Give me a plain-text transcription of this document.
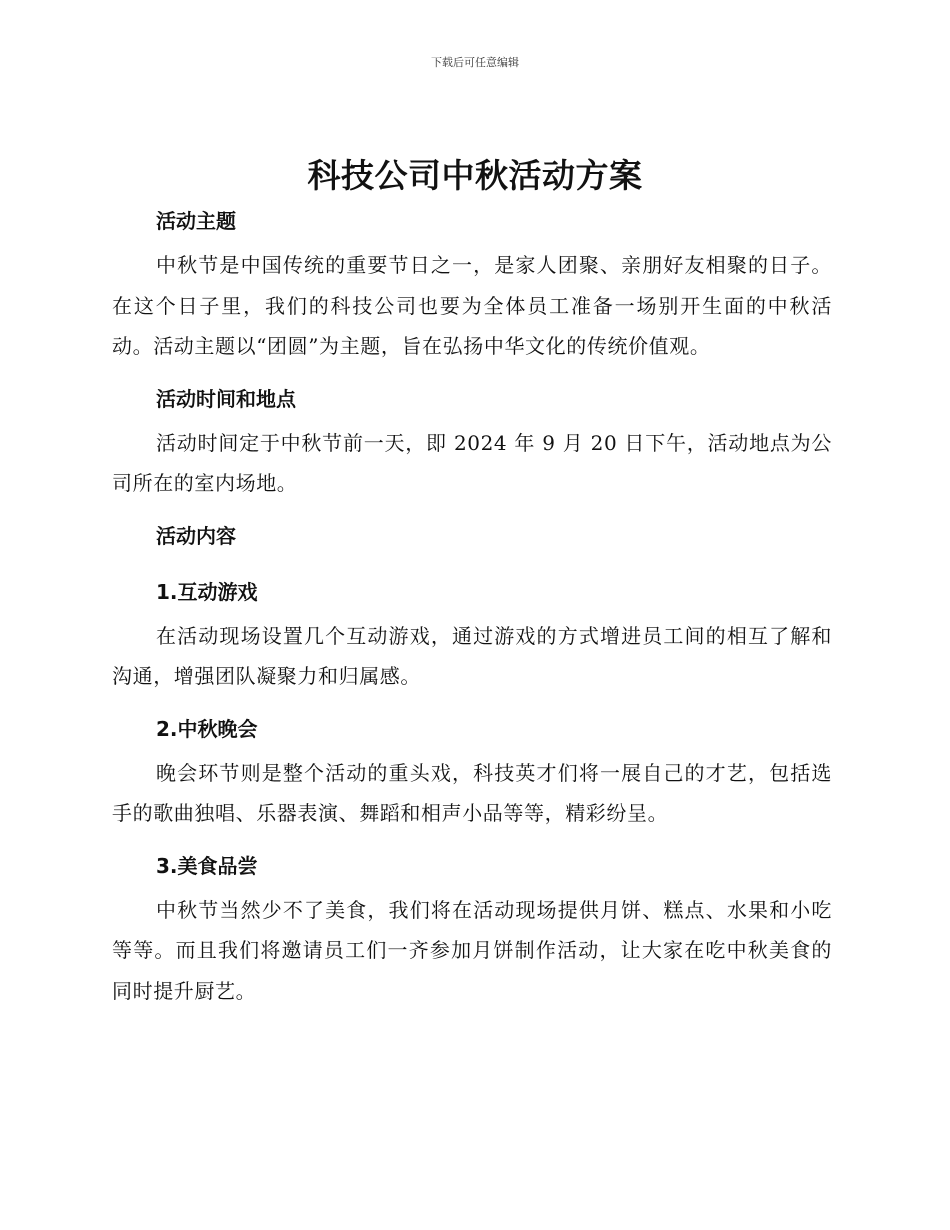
下载后可任意编辑
科技公司中秋活动方案
活动主题

中秋节是中国传统的重要节日之一，是家人团聚、亲朋好友相聚的日子。在这个日子里，我们的科技公司也要为全体员工准备一场别开生面的中秋活动。活动主题以“团圆”为主题，旨在弘扬中华文化的传统价值观。

活动时间和地点

活动时间定于中秋节前一天，即 2024 年 9 月 20 日下午，活动地点为公司所在的室内场地。

活动内容
1.互动游戏

在活动现场设置几个互动游戏，通过游戏的方式增进员工间的相互了解和沟通，增强团队凝聚力和归属感。

2.中秋晚会

晚会环节则是整个活动的重头戏，科技英才们将一展自己的才艺，包括选手的歌曲独唱、乐器表演、舞蹈和相声小品等等，精彩纷呈。

3.美食品尝

中秋节当然少不了美食，我们将在活动现场提供月饼、糕点、水果和小吃等等。而且我们将邀请员工们一齐参加月饼制作活动，让大家在吃中秋美食的同时提升厨艺。
